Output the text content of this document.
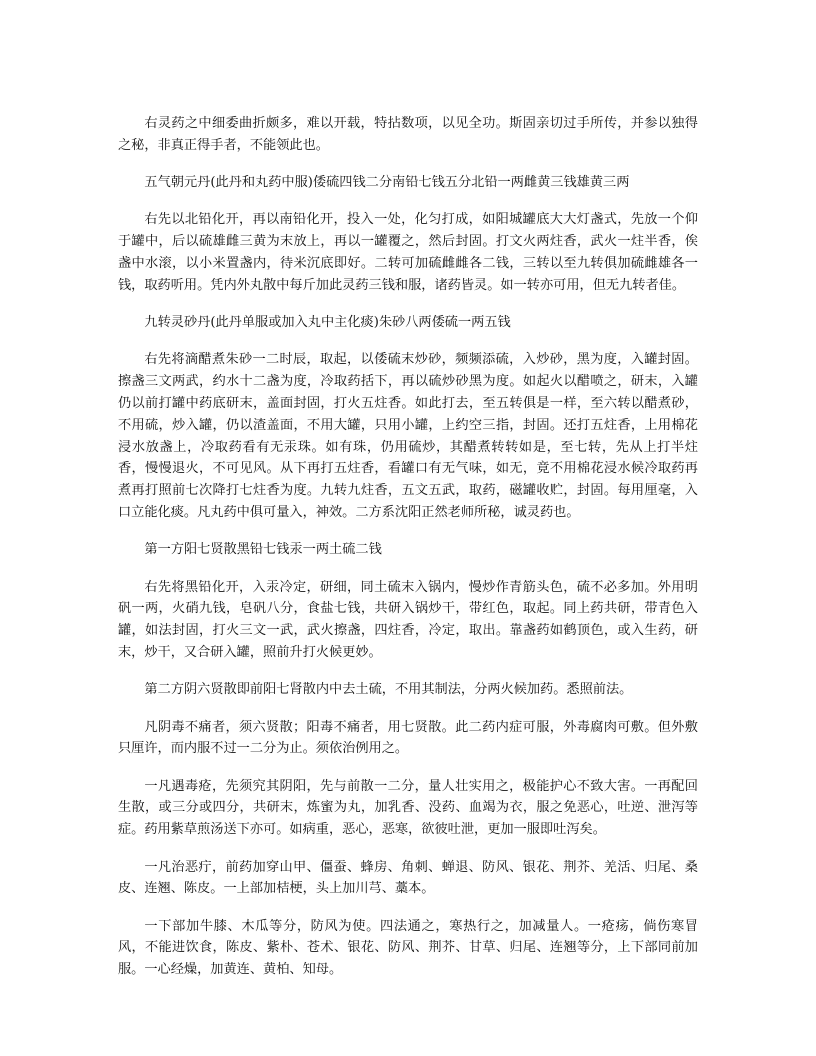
右灵药之中细委曲折颇多，难以开载，特拈数项，以见全功。斯固亲切过手所传，并参以独得之秘，非真正得手者，不能领此也。

五气朝元丹(此丹和丸药中服)倭硫四钱二分南铅七钱五分北铅一两雌黄三钱雄黄三两

右先以北铅化开，再以南铅化开，投入一处，化匀打成，如阳城罐底大大灯盏式，先放一个仰于罐中，后以硫雄雌三黄为末放上，再以一罐覆之，然后封固。打文火两炷香，武火一炷半香，俟盏中水滚，以小米置盏内，待米沉底即好。二转可加硫雌雌各二钱，三转以至九转俱加硫雌雄各一钱，取药听用。凭内外丸散中每斤加此灵药三钱和服，诸药皆灵。如一转亦可用，但无九转者佳。

九转灵砂丹(此丹单服或加入丸中主化痰)朱砂八两倭硫一两五钱

右先将滴醋煮朱砂一二时辰，取起，以倭硫末炒砂，频频添硫，入炒砂，黑为度，入罐封固。擦盏三文两武，约水十二盏为度，冷取药括下，再以硫炒砂黑为度。如起火以醋喷之，研末，入罐仍以前打罐中药底研末，盖面封固，打火五炷香。如此打去，至五转俱是一样，至六转以醋煮砂，不用硫，炒入罐，仍以渣盖面，不用大罐，只用小罐，上约空三指，封固。还打五炷香，上用棉花浸水放盏上，冷取药看有无汞珠。如有珠，仍用硫炒，其醋煮转转如是，至七转，先从上打半炷香，慢慢退火，不可见风。从下再打五炷香，看罐口有无气味，如无，竟不用棉花浸水候冷取药再煮再打照前七次降打七炷香为度。九转九炷香，五文五武，取药，磁罐收贮，封固。每用厘毫，入口立能化痰。凡丸药中俱可量入，神效。二方系沈阳正然老师所秘，诚灵药也。

第一方阳七贤散黑铅七钱汞一两土硫二钱

右先将黑铅化开，入汞冷定，研细，同土硫末入锅内，慢炒作青筋头色，硫不必多加。外用明矾一两，火硝九钱，皂矾八分，食盐七钱，共研入锅炒干，带红色，取起。同上药共研，带青色入罐，如法封固，打火三文一武，武火擦盏，四炷香，冷定，取出。靠盏药如鹤顶色，或入生药，研末，炒干，又合研入罐，照前升打火候更妙。

第二方阴六贤散即前阳七肾散内中去土硫，不用其制法，分两火候加药。悉照前法。

凡阴毒不痛者，须六贤散；阳毒不痛者，用七贤散。此二药内症可服，外毒腐肉可敷。但外敷只厘许，而内服不过一二分为止。须依治例用之。

一凡遇毒疮，先须究其阴阳，先与前散一二分，量人壮实用之，极能护心不致大害。一再配回生散，或三分或四分，共研末，炼蜜为丸，加乳香、没药、血竭为衣，服之免恶心，吐逆、泄泻等症。药用紫草煎汤送下亦可。如病重，恶心，恶寒，欲彼吐泄，更加一服即吐泻矣。

一凡治恶疔，前药加穿山甲、僵蚕、蜂房、角刺、蝉退、防风、银花、荆芥、羌活、归尾、桑皮、连翘、陈皮。一上部加桔梗，头上加川芎、藁本。

一下部加牛膝、木瓜等分，防风为使。四法通之，寒热行之，加减量人。一疮疡，倘伤寒冒风，不能进饮食，陈皮、紫朴、苍术、银花、防风、荆芥、甘草、归尾、连翘等分，上下部同前加服。一心经燥，加黄连、黄柏、知母。
